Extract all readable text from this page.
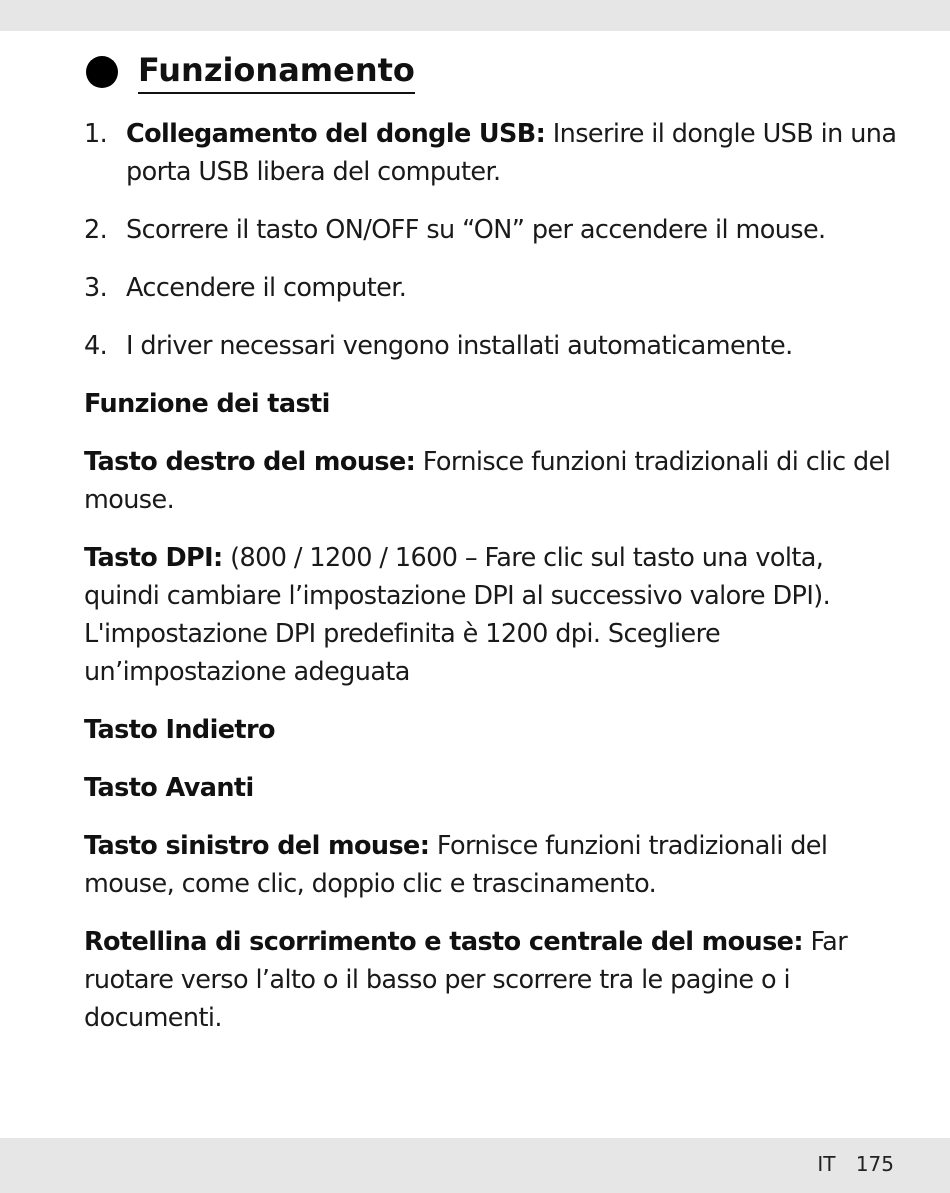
Funzionamento
1. Collegamento del dongle USB: Inserire il dongle USB in una porta USB libera del computer.
2. Scorrere il tasto ON/OFF su “ON” per accendere il mouse.
3. Accendere il computer.
4. I driver necessari vengono installati automaticamente.
Funzione dei tasti

Tasto destro del mouse: Fornisce funzioni tradizionali di clic del mouse.

Tasto DPI: (800 / 1200 / 1600 – Fare clic sul tasto una volta, quindi cambiare l’impostazione DPI al successivo valore DPI). L'impostazione DPI predefinita è 1200 dpi. Scegliere un’impostazione adeguata

Tasto Indietro
Tasto Avanti

Tasto sinistro del mouse: Fornisce funzioni tradizionali del mouse, come clic, doppio clic e trascinamento.

Rotellina di scorrimento e tasto centrale del mouse: Far ruotare verso l’alto o il basso per scorrere tra le pagine o i documenti.

IT 175
